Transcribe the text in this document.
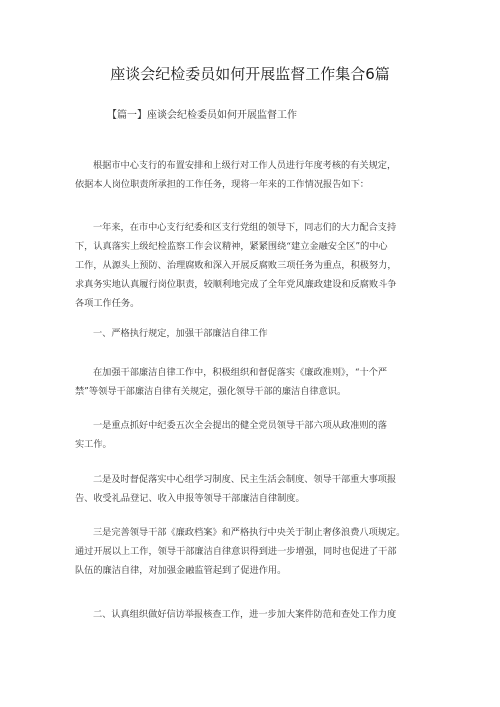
座谈会纪检委员如何开展监督工作集合6篇
【篇一】座谈会纪检委员如何开展监督工作

根据市中心支行的布置安排和上级行对工作人员进行年度考核的有关规定，
依据本人岗位职责所承担的工作任务，现将一年来的工作情况报告如下：

一年来，在市中心支行纪委和区支行党组的领导下，同志们的大力配合支持
下，认真落实上级纪检监察工作会议精神，紧紧围绕“建立金融安全区”的中心
工作，从源头上预防、治理腐败和深入开展反腐败三项任务为重点，积极努力，
求真务实地认真履行岗位职责，较顺利地完成了全年党风廉政建设和反腐败斗争
各项工作任务。

一、严格执行规定，加强干部廉洁自律工作

在加强干部廉洁自律工作中，积极组织和督促落实《廉政准则》，“十个严
禁”等领导干部廉洁自律有关规定，强化领导干部的廉洁自律意识。

一是重点抓好中纪委五次全会提出的健全党员领导干部六项从政准则的落
实工作。

二是及时督促落实中心组学习制度、民主生活会制度、领导干部重大事项报
告、收受礼品登记、收入申报等领导干部廉洁自律制度。

三是完善领导干部《廉政档案》和严格执行中央关于制止奢侈浪费八项规定。
通过开展以上工作，领导干部廉洁自律意识得到进一步增强，同时也促进了干部
队伍的廉洁自律，对加强金融监管起到了促进作用。

二、认真组织做好信访举报核查工作，进一步加大案件防范和查处工作力度
